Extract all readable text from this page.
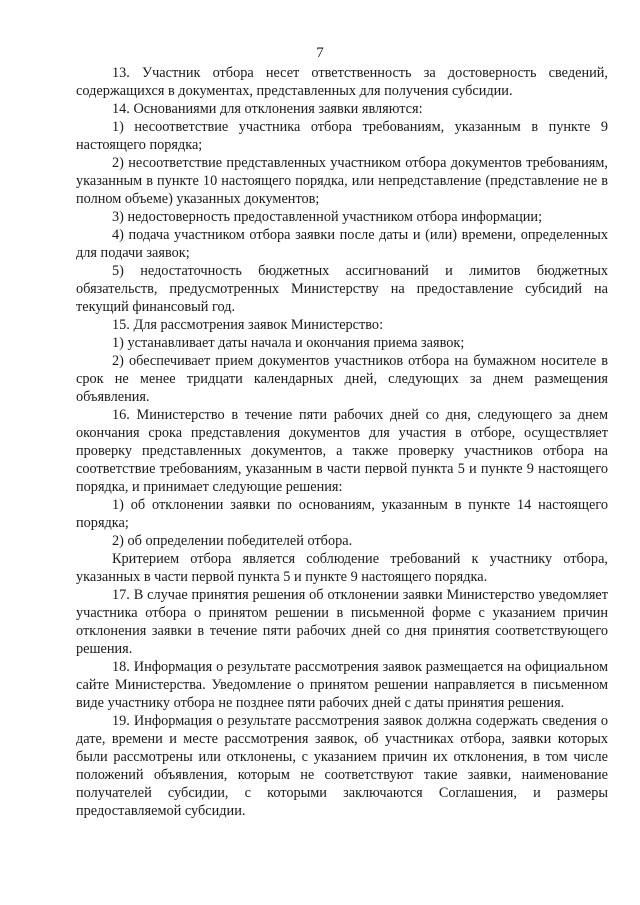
7

13. Участник отбора несет ответственность за достоверность сведений, содержащихся в документах, представленных для получения субсидии.

14. Основаниями для отклонения заявки являются:

1) несоответствие участника отбора требованиям, указанным в пункте 9 настоящего порядка;

2) несоответствие представленных участником отбора документов требованиям, указанным в пункте 10 настоящего порядка, или непредставление (представление не в полном объеме) указанных документов;

3) недостоверность предоставленной участником отбора информации;

4) подача участником отбора заявки после даты и (или) времени, определенных для подачи заявок;

5) недостаточность бюджетных ассигнований и лимитов бюджетных обязательств, предусмотренных Министерству на предоставление субсидий на текущий финансовый год.

15. Для рассмотрения заявок Министерство:

1) устанавливает даты начала и окончания приема заявок;

2) обеспечивает прием документов участников отбора на бумажном носителе в срок не менее тридцати календарных дней, следующих за днем размещения объявления.

16. Министерство в течение пяти рабочих дней со дня, следующего за днем окончания срока представления документов для участия в отборе, осуществляет проверку представленных документов, а также проверку участников отбора на соответствие требованиям, указанным в части первой пункта 5 и пункте 9 настоящего порядка, и принимает следующие решения:

1) об отклонении заявки по основаниям, указанным в пункте 14 настоящего порядка;

2) об определении победителей отбора.

Критерием отбора является соблюдение требований к участнику отбора, указанных в части первой пункта 5 и пункте 9 настоящего порядка.

17. В случае принятия решения об отклонении заявки Министерство уведомляет участника отбора о принятом решении в письменной форме с указанием причин отклонения заявки в течение пяти рабочих дней со дня принятия соответствующего решения.

18. Информация о результате рассмотрения заявок размещается на официальном сайте Министерства. Уведомление о принятом решении направляется в письменном виде участнику отбора не позднее пяти рабочих дней с даты принятия решения.

19. Информация о результате рассмотрения заявок должна содержать сведения о дате, времени и месте рассмотрения заявок, об участниках отбора, заявки которых были рассмотрены или отклонены, с указанием причин их отклонения, в том числе положений объявления, которым не соответствуют такие заявки, наименование получателей субсидии, с которыми заключаются Соглашения, и размеры предоставляемой субсидии.
